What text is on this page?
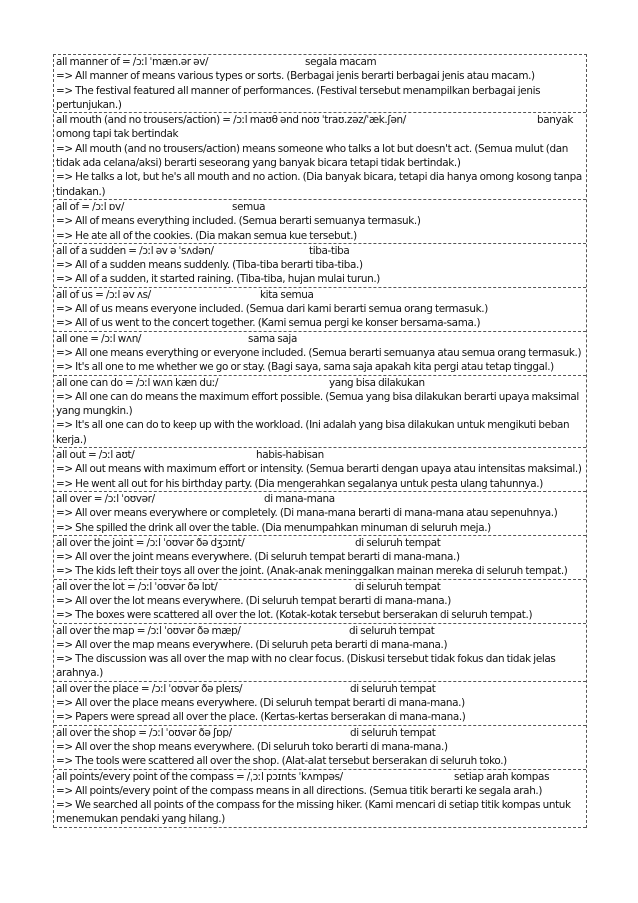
all manner of = /ɔːl ˈmæn.ər əv/	segala macam
=> All manner of means various types or sorts. (Berbagai jenis berarti berbagai jenis atau macam.)
=> The festival featured all manner of performances. (Festival tersebut menampilkan berbagai jenis pertunjukan.)
all mouth (and no trousers/action) = /ɔːl maʊθ ənd noʊ ˈtraʊ.zəz/ˈæk.ʃən/	banyak
omong tapi tak bertindak
=> All mouth (and no trousers/action) means someone who talks a lot but doesn't act. (Semua mulut (dan tidak ada celana/aksi) berarti seseorang yang banyak bicara tetapi tidak bertindak.)
=> He talks a lot, but he's all mouth and no action. (Dia banyak bicara, tetapi dia hanya omong kosong tanpa tindakan.)
all of = /ɔːl ɒv/	semua
=> All of means everything included. (Semua berarti semuanya termasuk.)
=> He ate all of the cookies. (Dia makan semua kue tersebut.)
all of a sudden = /ɔːl əv ə ˈsʌdən/	tiba-tiba
=> All of a sudden means suddenly. (Tiba-tiba berarti tiba-tiba.)
=> All of a sudden, it started raining. (Tiba-tiba, hujan mulai turun.)
all of us = /ɔːl əv ʌs/	kita semua
=> All of us means everyone included. (Semua dari kami berarti semua orang termasuk.)
=> All of us went to the concert together. (Kami semua pergi ke konser bersama-sama.)
all one = /ɔːl wʌn/	sama saja
=> All one means everything or everyone included. (Semua berarti semuanya atau semua orang termasuk.)
=> It's all one to me whether we go or stay. (Bagi saya, sama saja apakah kita pergi atau tetap tinggal.)
all one can do = /ɔːl wʌn kæn duː/	yang bisa dilakukan
=> All one can do means the maximum effort possible. (Semua yang bisa dilakukan berarti upaya maksimal yang mungkin.)
=> It's all one can do to keep up with the workload. (Ini adalah yang bisa dilakukan untuk mengikuti beban kerja.)
all out = /ɔːl aʊt/	habis-habisan
=> All out means with maximum effort or intensity. (Semua berarti dengan upaya atau intensitas maksimal.)
=> He went all out for his birthday party. (Dia mengerahkan segalanya untuk pesta ulang tahunnya.)
all over = /ɔːl ˈoʊvər/	di mana-mana
=> All over means everywhere or completely. (Di mana-mana berarti di mana-mana atau sepenuhnya.)
=> She spilled the drink all over the table. (Dia menumpahkan minuman di seluruh meja.)
all over the joint = /ɔːl ˈoʊvər ðə dʒɔɪnt/	di seluruh tempat
=> All over the joint means everywhere. (Di seluruh tempat berarti di mana-mana.)
=> The kids left their toys all over the joint. (Anak-anak meninggalkan mainan mereka di seluruh tempat.)
all over the lot = /ɔːl ˈoʊvər ðə lɒt/	di seluruh tempat
=> All over the lot means everywhere. (Di seluruh tempat berarti di mana-mana.)
=> The boxes were scattered all over the lot. (Kotak-kotak tersebut berserakan di seluruh tempat.)
all over the map = /ɔːl ˈoʊvər ðə mæp/	di seluruh tempat
=> All over the map means everywhere. (Di seluruh peta berarti di mana-mana.)
=> The discussion was all over the map with no clear focus. (Diskusi tersebut tidak fokus dan tidak jelas arahnya.)
all over the place = /ɔːl ˈoʊvər ðə pleɪs/	di seluruh tempat
=> All over the place means everywhere. (Di seluruh tempat berarti di mana-mana.)
=> Papers were spread all over the place. (Kertas-kertas berserakan di mana-mana.)
all over the shop = /ɔːl ˈoʊvər ðə ʃɒp/	di seluruh tempat
=> All over the shop means everywhere. (Di seluruh toko berarti di mana-mana.)
=> The tools were scattered all over the shop. (Alat-alat tersebut berserakan di seluruh toko.)
all points/every point of the compass = /ˌɔːl pɔɪnts ˈkʌmpəs/	setiap arah kompas
=> All points/every point of the compass means in all directions. (Semua titik berarti ke segala arah.)
=> We searched all points of the compass for the missing hiker. (Kami mencari di setiap titik kompas untuk menemukan pendaki yang hilang.)
